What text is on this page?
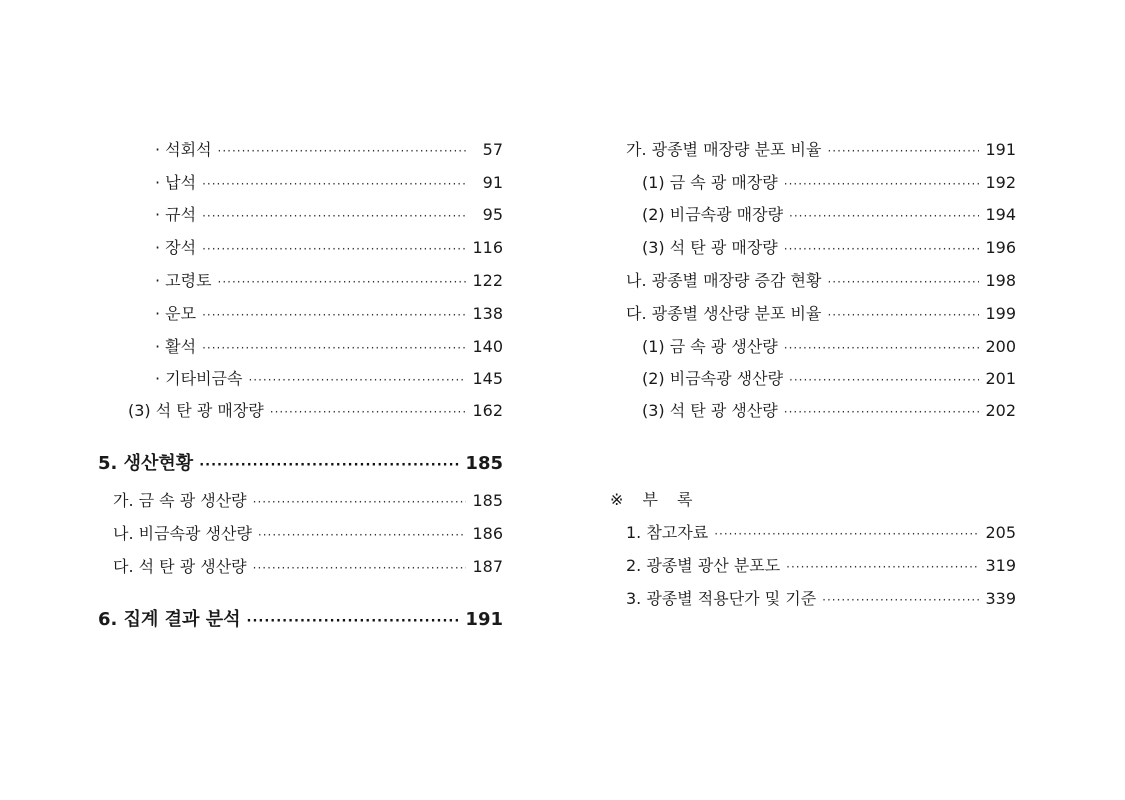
· 석회석 ·····	57
· 납석 ·····	91
· 규석 ·····	95
· 장석 ·····	116
· 고령토 ·····	122
· 운모 ·····	138
· 활석 ·····	140
· 기타비금속 ·····	145
(3) 석 탄 광 매장량 ·····	162
5. 생산현황 ·····	185
가. 금 속 광 생산량 ·····	185
나. 비금속광 생산량 ·····	186
다. 석 탄 광 생산량 ·····	187
6. 집계 결과 분석 ·····	191
가. 광종별 매장량 분포 비율 ·····	191
(1) 금 속 광 매장량 ·····	192
(2) 비금속광 매장량 ·····	194
(3) 석 탄 광 매장량 ·····	196
나. 광종별 매장량 증감 현황 ·····	198
다. 광종별 생산량 분포 비율 ·····	199
(1) 금 속 광 생산량 ·····	200
(2) 비금속광 생산량 ·····	201
(3) 석 탄 광 생산량 ·····	202
※ 부 록
1. 참고자료 ·····	205
2. 광종별 광산 분포도 ·····	319
3. 광종별 적용단가 및 기준 ·····	339
